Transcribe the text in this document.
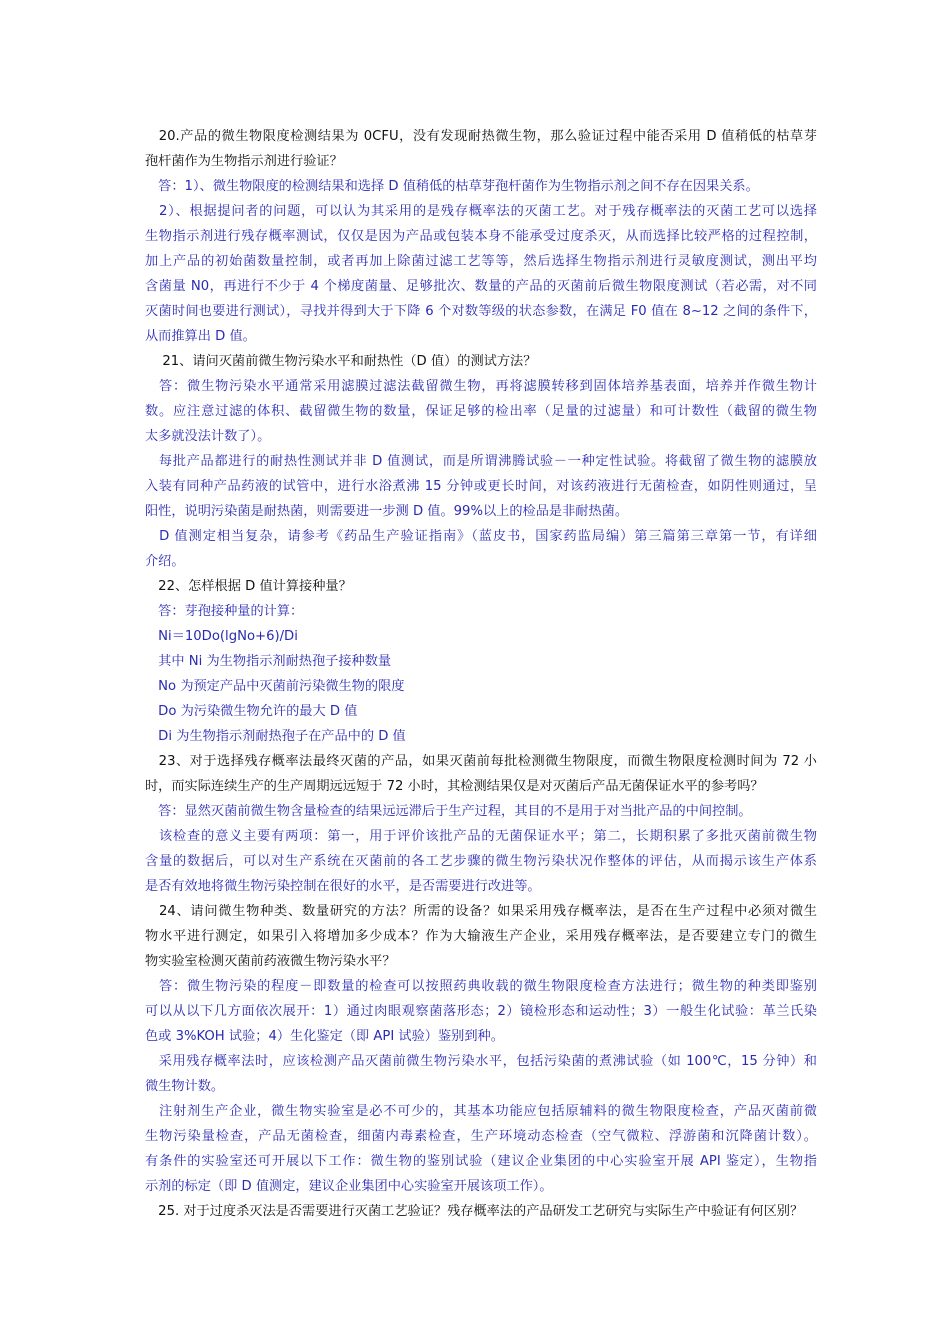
　20.产品的微生物限度检测结果为 0CFU，没有发现耐热微生物，那么验证过程中能否采用 D 值稍低的枯草芽
孢杆菌作为生物指示剂进行验证？
　答：1）、微生物限度的检测结果和选择 D 值稍低的枯草芽孢杆菌作为生物指示剂之间不存在因果关系。
　2）、根据提问者的问题，可以认为其采用的是残存概率法的灭菌工艺。对于残存概率法的灭菌工艺可以选择
生物指示剂进行残存概率测试，仅仅是因为产品或包装本身不能承受过度杀灭，从而选择比较严格的过程控制，
加上产品的初始菌数量控制，或者再加上除菌过滤工艺等等，然后选择生物指示剂进行灵敏度测试，测出平均
含菌量 N0，再进行不少于 4 个梯度菌量、足够批次、数量的产品的灭菌前后微生物限度测试（若必需，对不同
灭菌时间也要进行测试），寻找并得到大于下降 6 个对数等级的状态参数，在满足 F0 值在 8~12 之间的条件下，
从而推算出 D 值。
　 21、请问灭菌前微生物污染水平和耐热性（D 值）的测试方法？
　答：微生物污染水平通常采用滤膜过滤法截留微生物，再将滤膜转移到固体培养基表面，培养并作微生物计
数。应注意过滤的体积、截留微生物的数量，保证足够的检出率（足量的过滤量）和可计数性（截留的微生物
太多就没法计数了）。
　每批产品都进行的耐热性测试并非 D 值测试，而是所谓沸腾试验－一种定性试验。将截留了微生物的滤膜放
入装有同种产品药液的试管中，进行水浴煮沸 15 分钟或更长时间，对该药液进行无菌检查，如阴性则通过，呈
阳性，说明污染菌是耐热菌，则需要进一步测 D 值。99%以上的检品是非耐热菌。
　D 值测定相当复杂，请参考《药品生产验证指南》（蓝皮书，国家药监局编）第三篇第三章第一节，有详细
介绍。
　22、怎样根据 D 值计算接种量？
　答：芽孢接种量的计算：
　Ni＝10Do(lgNo+6)/Di
　其中 Ni 为生物指示剂耐热孢子接种数量
　No 为预定产品中灭菌前污染微生物的限度
　Do 为污染微生物允许的最大 D 值
　Di 为生物指示剂耐热孢子在产品中的 D 值
　23、对于选择残存概率法最终灭菌的产品，如果灭菌前每批检测微生物限度，而微生物限度检测时间为 72 小
时，而实际连续生产的生产周期远远短于 72 小时，其检测结果仅是对灭菌后产品无菌保证水平的参考吗？
　答：显然灭菌前微生物含量检查的结果远远滞后于生产过程，其目的不是用于对当批产品的中间控制。
　该检查的意义主要有两项：第一，用于评价该批产品的无菌保证水平；第二，长期积累了多批灭菌前微生物
含量的数据后，可以对生产系统在灭菌前的各工艺步骤的微生物污染状况作整体的评估，从而揭示该生产体系
是否有效地将微生物污染控制在很好的水平，是否需要进行改进等。
　24、请问微生物种类、数量研究的方法？所需的设备？如果采用残存概率法，是否在生产过程中必须对微生
物水平进行测定，如果引入将增加多少成本？作为大输液生产企业，采用残存概率法，是否要建立专门的微生
物实验室检测灭菌前药液微生物污染水平？
　答：微生物污染的程度－即数量的检查可以按照药典收载的微生物限度检查方法进行；微生物的种类即鉴别
可以从以下几方面依次展开：1）通过肉眼观察菌落形态；2）镜检形态和运动性；3）一般生化试验：革兰氏染
色或 3%KOH 试验；4）生化鉴定（即 API 试验）鉴别到种。
　采用残存概率法时，应该检测产品灭菌前微生物污染水平，包括污染菌的煮沸试验（如 100℃，15 分钟）和
微生物计数。
　注射剂生产企业，微生物实验室是必不可少的，其基本功能应包括原辅料的微生物限度检查，产品灭菌前微
生物污染量检查，产品无菌检查，细菌内毒素检查，生产环境动态检查（空气微粒、浮游菌和沉降菌计数）。
有条件的实验室还可开展以下工作：微生物的鉴别试验（建议企业集团的中心实验室开展 API 鉴定），生物指
示剂的标定（即 D 值测定，建议企业集团中心实验室开展该项工作）。
　25. 对于过度杀灭法是否需要进行灭菌工艺验证？残存概率法的产品研发工艺研究与实际生产中验证有何区别？
